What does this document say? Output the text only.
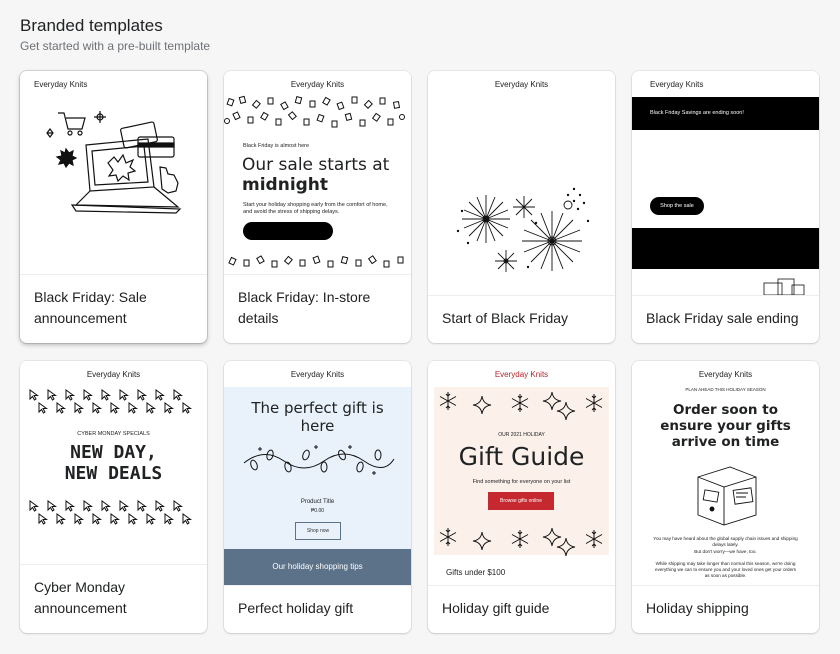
Branded templates
Get started with a pre-built template
Everyday Knits
Black Friday: Sale announcement
Everyday Knits
Black Friday is almost here
Our sale starts at
midnight
Start your holiday shopping early from the comfort of home, and avoid the stress of shipping delays.
Black Friday: In-store details
Everyday Knits
Start of Black Friday
Everyday Knits
Black Friday Savings are ending soon!
Shop the sale
Black Friday sale ending
Everyday Knits
CYBER MONDAY SPECIALS
NEW DAY,
NEW DEALS
Cyber Monday announcement
Everyday Knits
The perfect gift is here
Product Title
₱0.00
Shop now
Our holiday shopping tips
Perfect holiday gift
Everyday Knits
OUR 2021 HOLIDAY
Gift Guide
Find something for everyone on your list
Browse gifts online
Gifts under $100
Holiday gift guide
Everyday Knits
PLAN AHEAD THIS HOLIDAY SEASON
Order soon to ensure your gifts arrive on time
You may have heard about the global supply chain issues and shipping delays lately.
But don't worry—we have, too.
While shipping may take longer than normal this season, we're doing everything we can to ensure you and your loved ones get your orders as soon as possible.
Holiday shipping
